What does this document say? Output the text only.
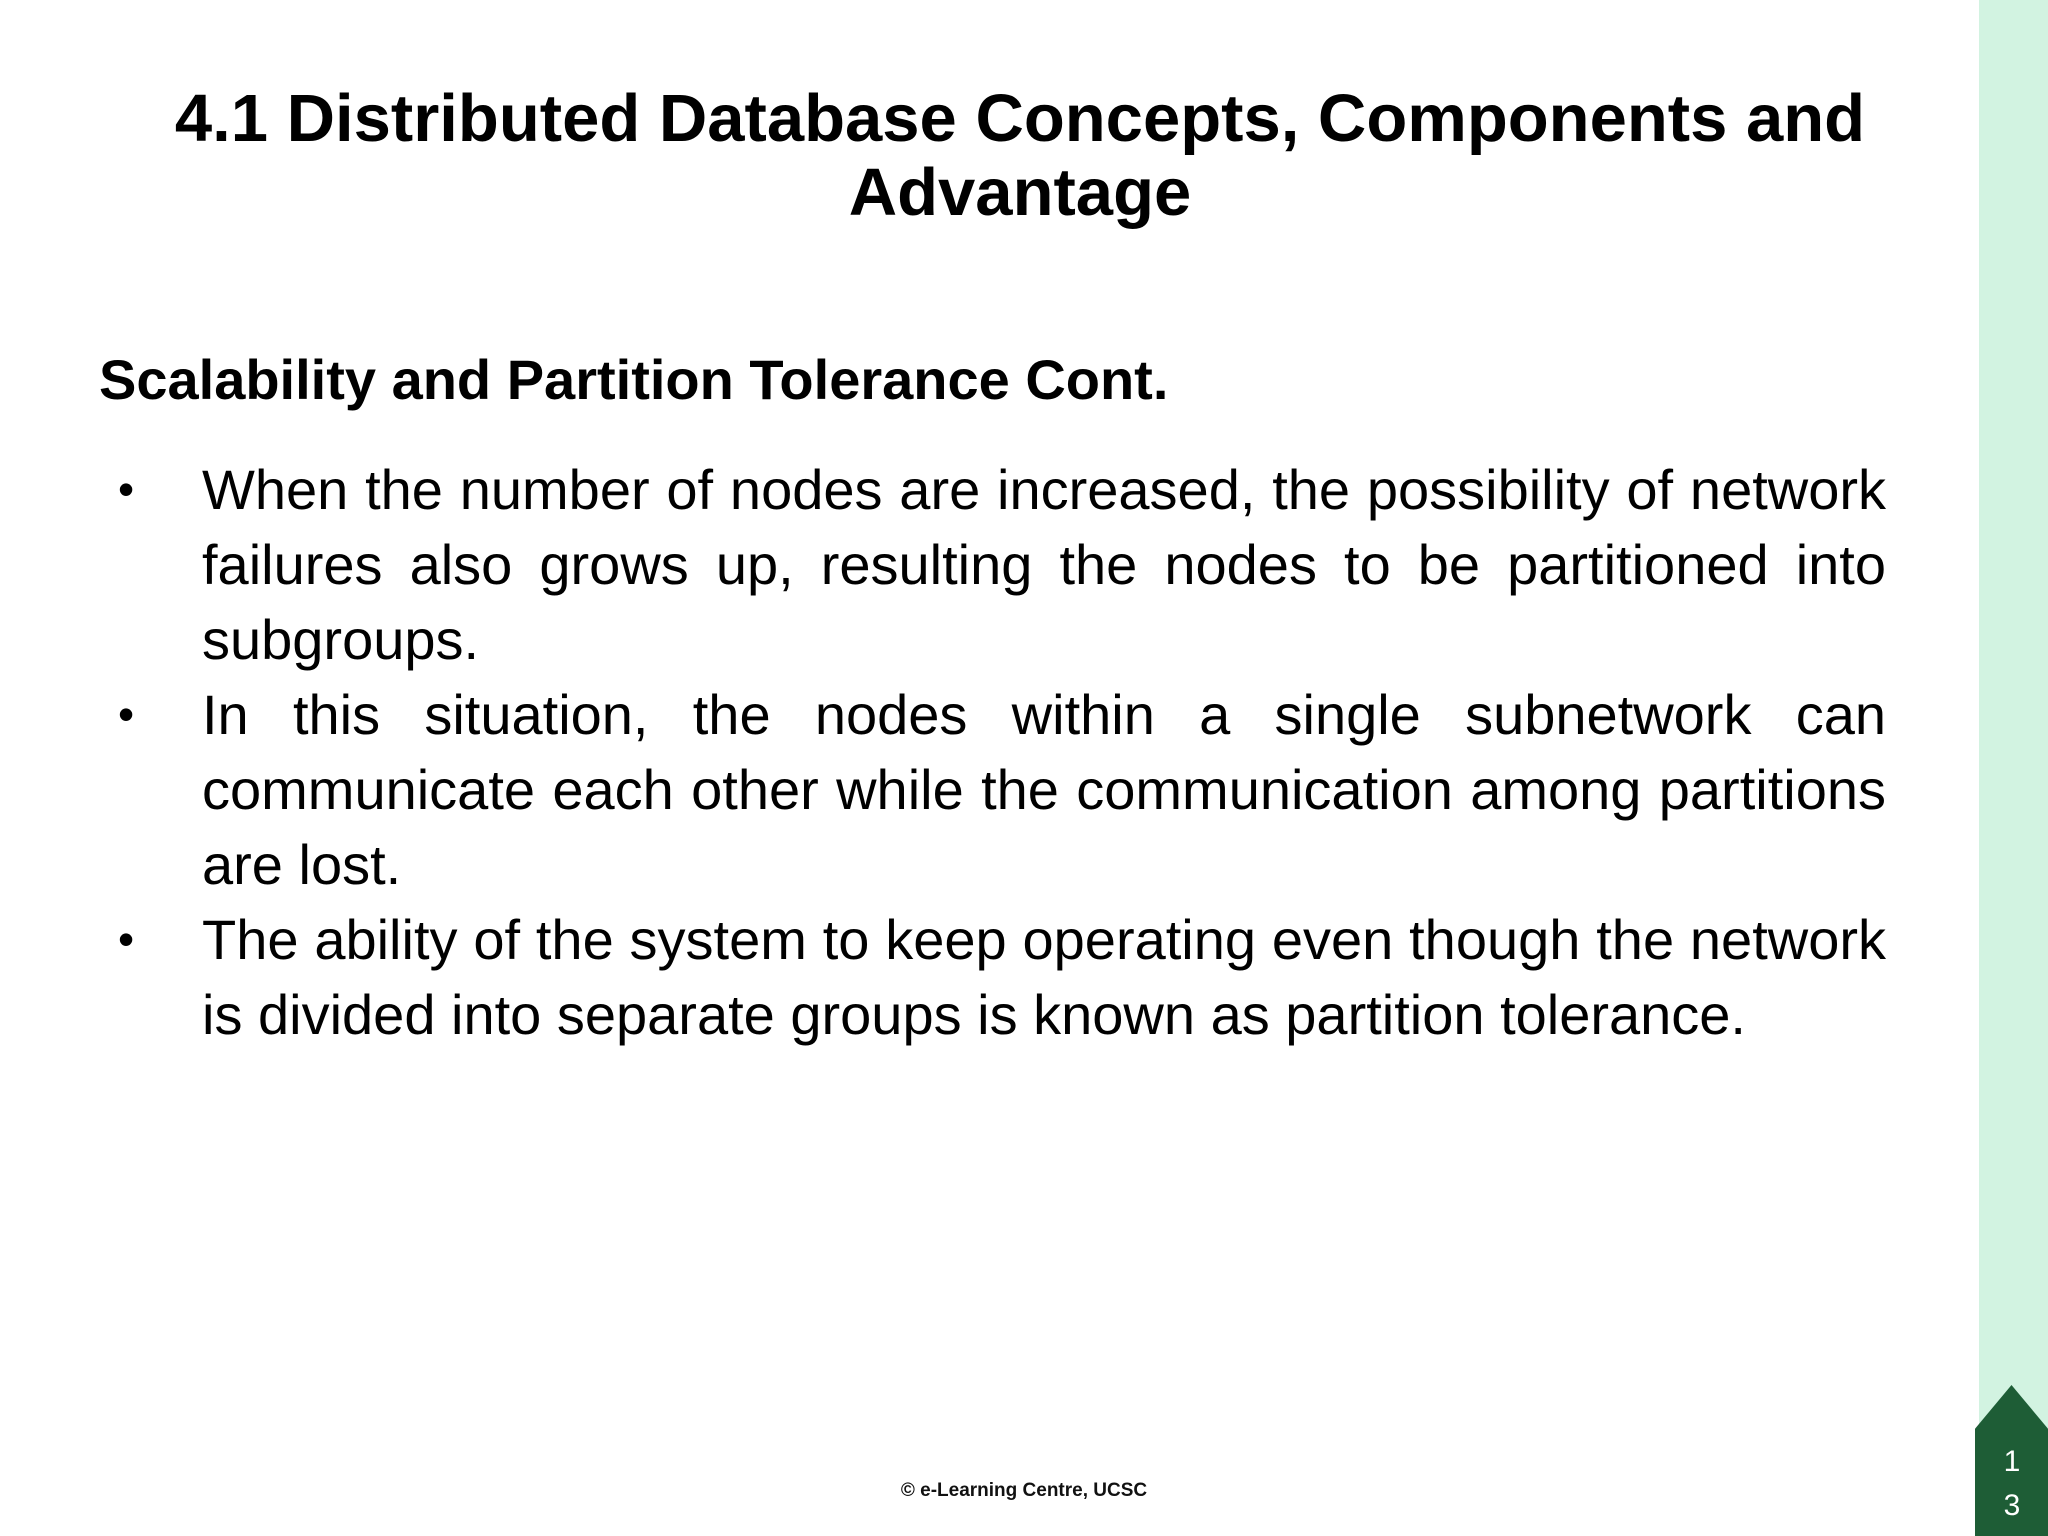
4.1 Distributed Database Concepts, Components and Advantage
Scalability and Partition Tolerance Cont.
•	When the number of nodes are increased, the possibility of network failures also grows up, resulting the nodes to be partitioned into subgroups.
•	In this situation, the nodes within a single subnetwork can communicate each other while the communication among partitions are lost.
•	The ability of the system to keep operating even though the network is divided into separate groups is known as partition tolerance.
© e-Learning Centre, UCSC
1
3
